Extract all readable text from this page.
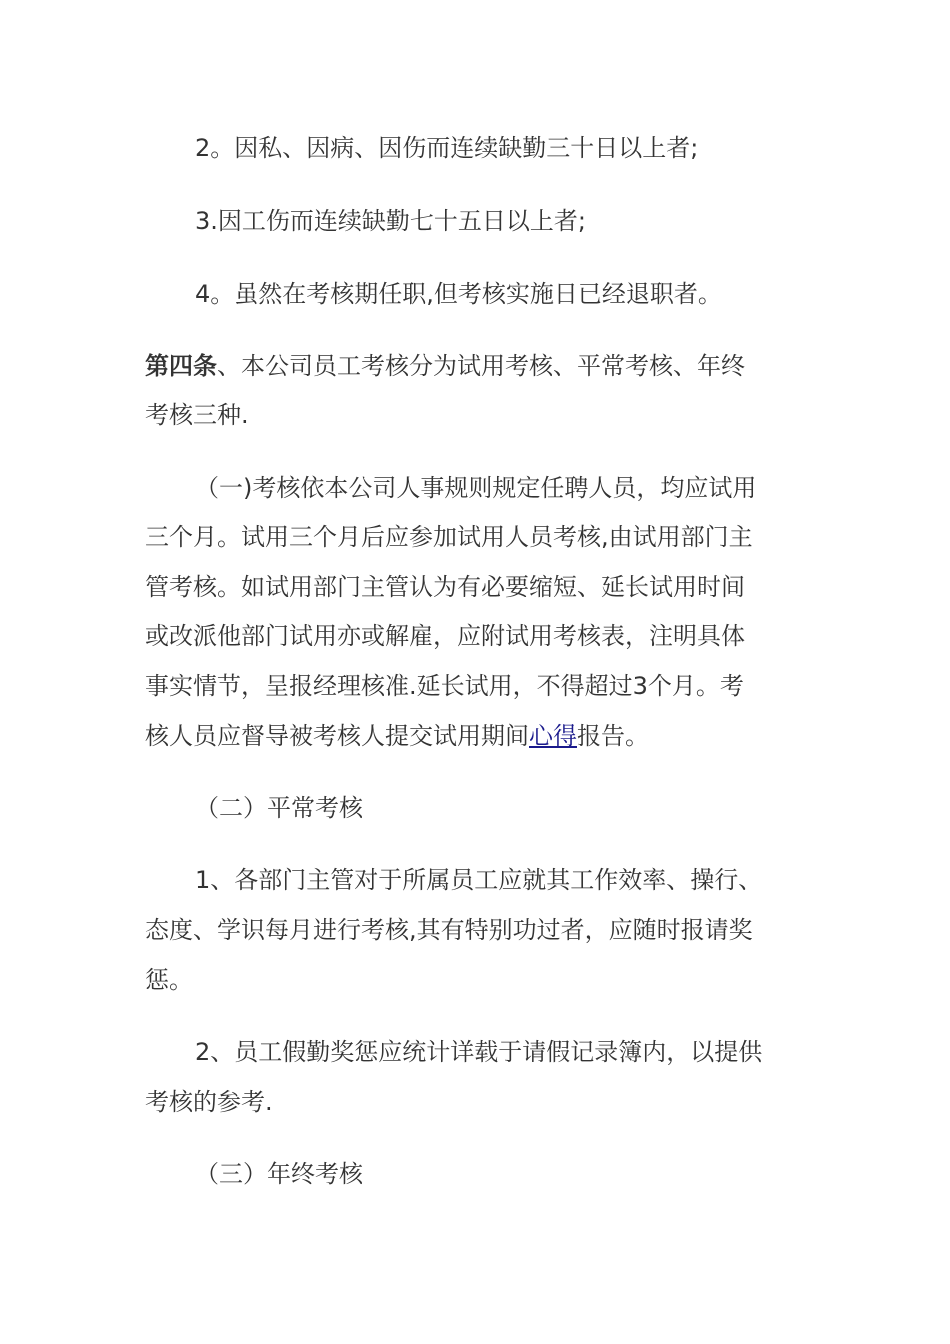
2。因私、因病、因伤而连续缺勤三十日以上者;

3.因工伤而连续缺勤七十五日以上者;

4。虽然在考核期任职,但考核实施日已经退职者。

第四条、本公司员工考核分为试用考核、平常考核、年终

考核三种.

（一)考核依本公司人事规则规定任聘人员，均应试用

三个月。试用三个月后应参加试用人员考核,由试用部门主

管考核。如试用部门主管认为有必要缩短、延长试用时间

或改派他部门试用亦或解雇，应附试用考核表，注明具体

事实情节，呈报经理核准.延长试用，不得超过3个月。考

核人员应督导被考核人提交试用期间心得报告。

（二）平常考核

1、各部门主管对于所属员工应就其工作效率、操行、

态度、学识每月进行考核,其有特别功过者，应随时报请奖

惩。

2、员工假勤奖惩应统计详载于请假记录簿内，以提供

考核的参考.

（三）年终考核
